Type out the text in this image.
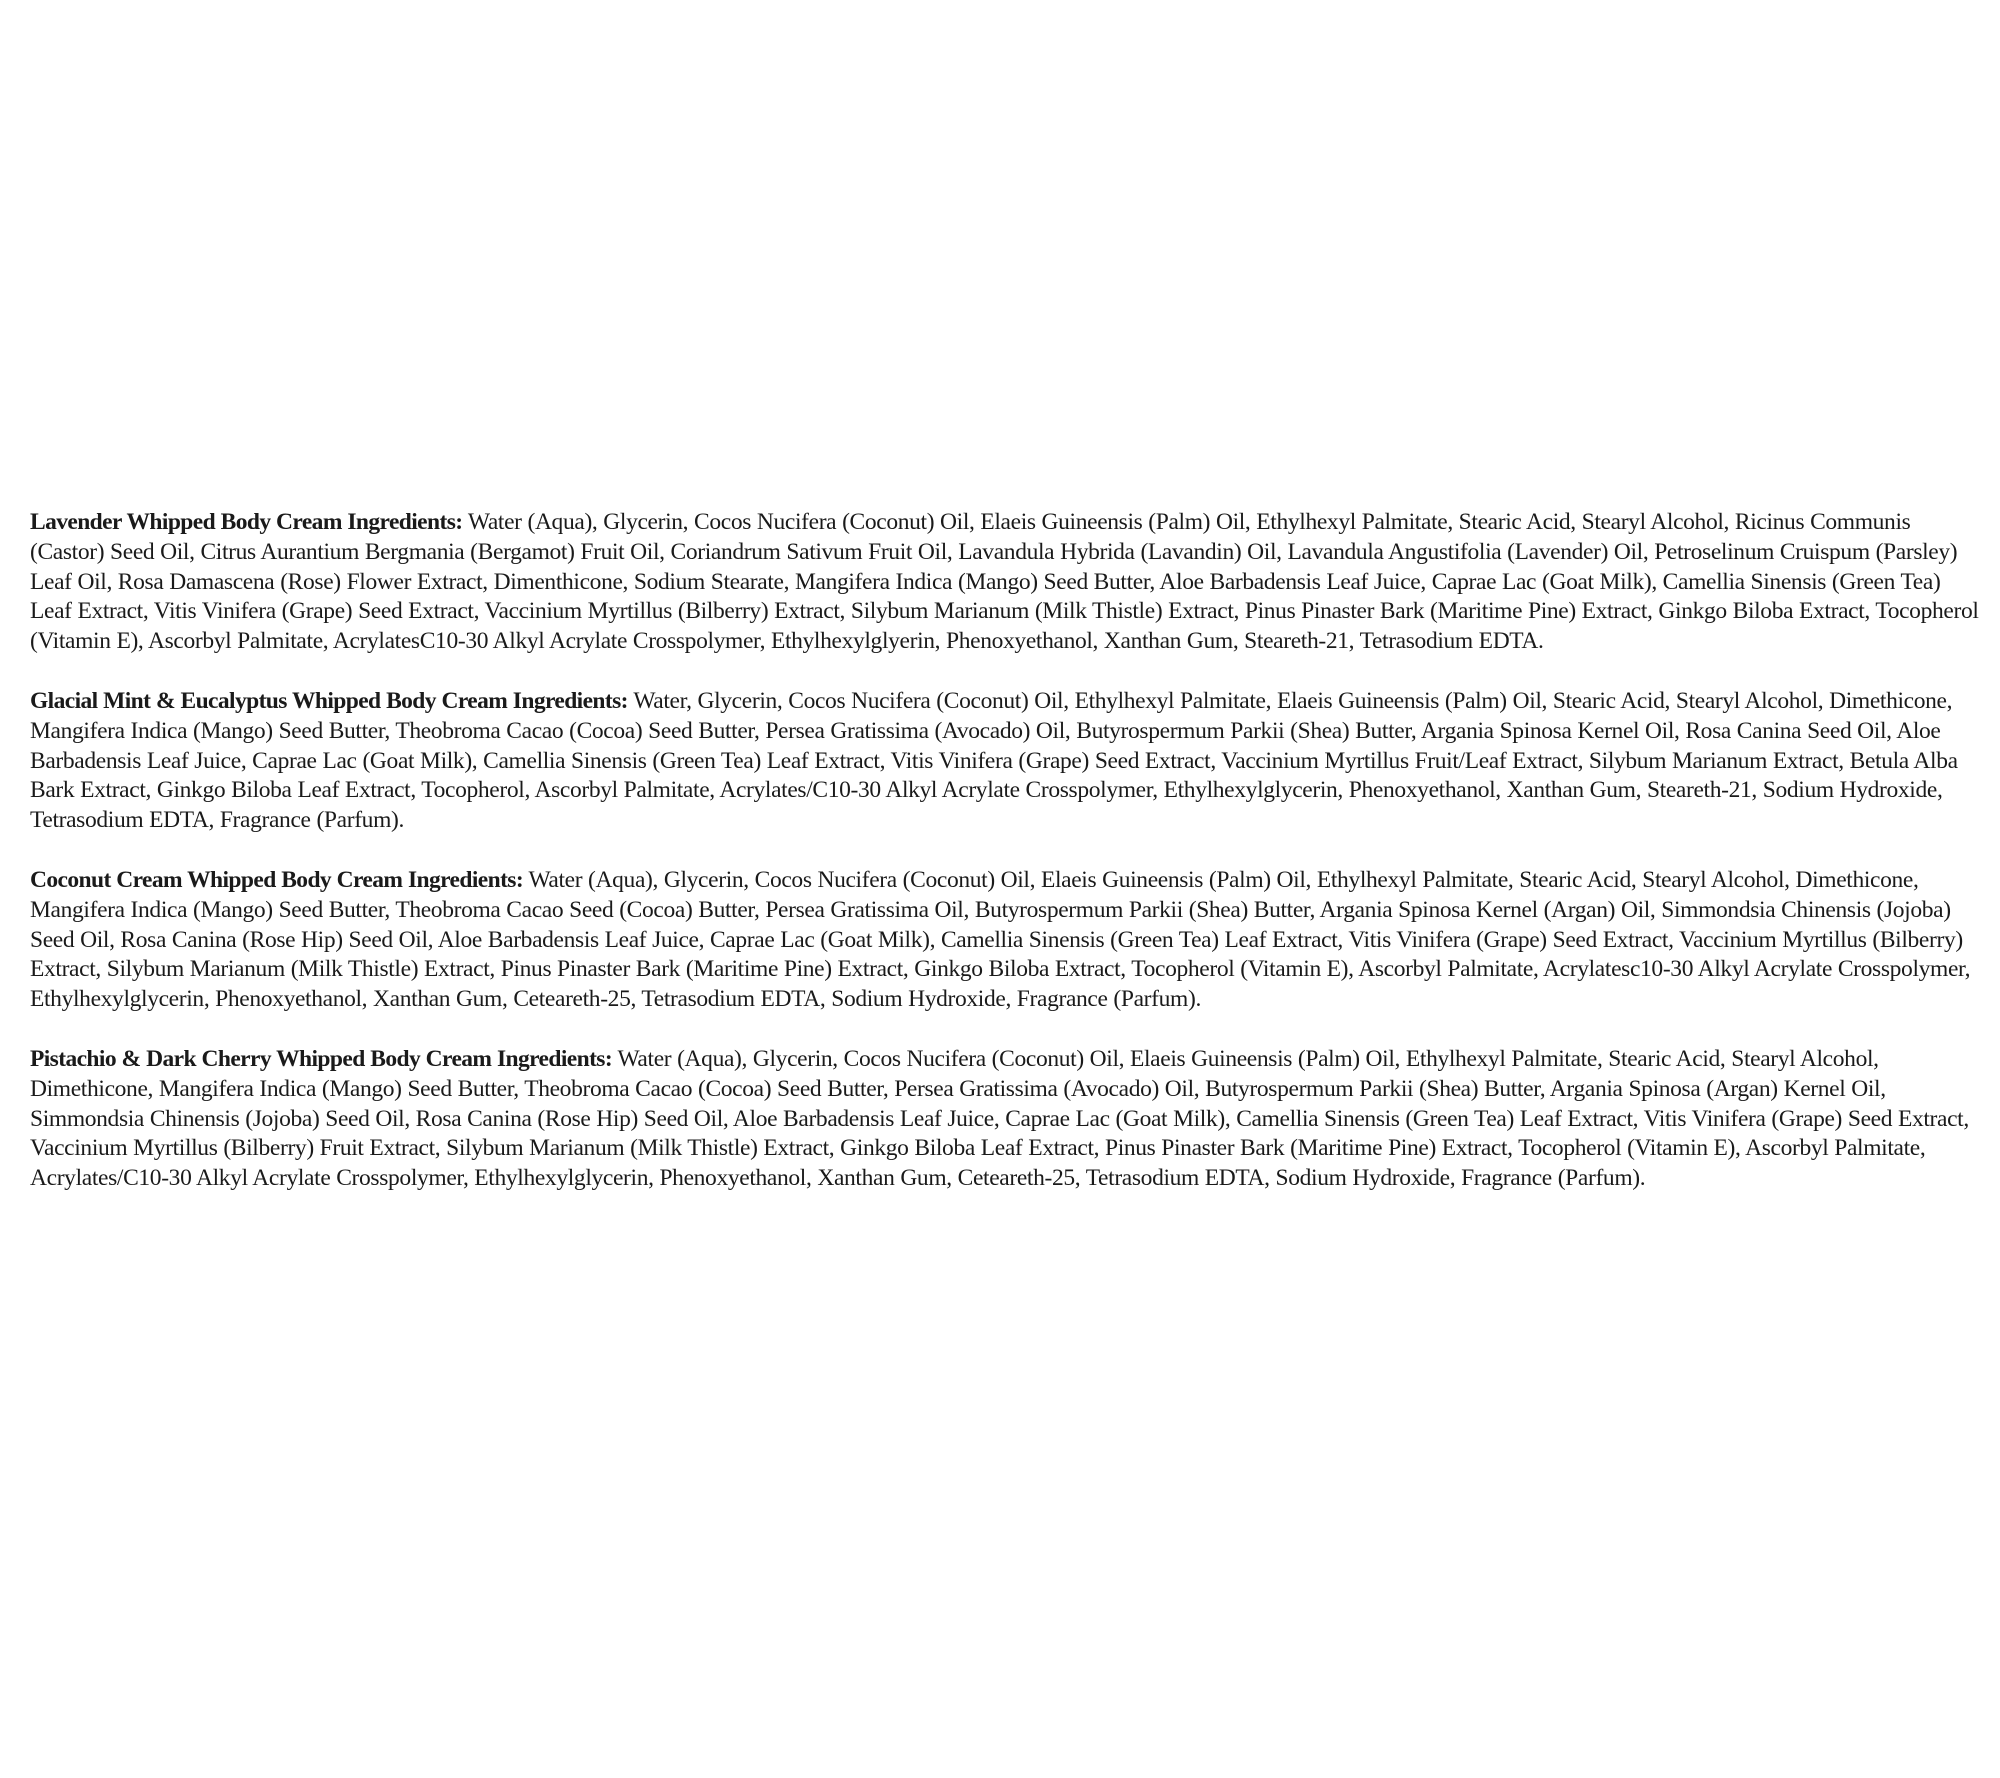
Lavender Whipped Body Cream Ingredients: Water (Aqua), Glycerin, Cocos Nucifera (Coconut) Oil, Elaeis Guineensis (Palm) Oil, Ethylhexyl Palmitate, Stearic Acid, Stearyl Alcohol, Ricinus Communis (Castor) Seed Oil, Citrus Aurantium Bergmania (Bergamot) Fruit Oil, Coriandrum Sativum Fruit Oil, Lavandula Hybrida (Lavandin) Oil, Lavandula Angustifolia (Lavender) Oil, Petroselinum Cruispum (Parsley) Leaf Oil, Rosa Damascena (Rose) Flower Extract, Dimenthicone, Sodium Stearate, Mangifera Indica (Mango) Seed Butter, Aloe Barbadensis Leaf Juice, Caprae Lac (Goat Milk), Camellia Sinensis (Green Tea) Leaf Extract, Vitis Vinifera (Grape) Seed Extract, Vaccinium Myrtillus (Bilberry) Extract, Silybum Marianum (Milk Thistle) Extract, Pinus Pinaster Bark (Maritime Pine) Extract, Ginkgo Biloba Extract, Tocopherol (Vitamin E), Ascorbyl Palmitate, AcrylatesC10-30 Alkyl Acrylate Crosspolymer, Ethylhexylglyerin, Phenoxyethanol, Xanthan Gum, Steareth-21, Tetrasodium EDTA.

Glacial Mint & Eucalyptus Whipped Body Cream Ingredients: Water, Glycerin, Cocos Nucifera (Coconut) Oil, Ethylhexyl Palmitate, Elaeis Guineensis (Palm) Oil, Stearic Acid, Stearyl Alcohol, Dimethicone, Mangifera Indica (Mango) Seed Butter, Theobroma Cacao (Cocoa) Seed Butter, Persea Gratissima (Avocado) Oil, Butyrospermum Parkii (Shea) Butter, Argania Spinosa Kernel Oil, Rosa Canina Seed Oil, Aloe Barbadensis Leaf Juice, Caprae Lac (Goat Milk), Camellia Sinensis (Green Tea) Leaf Extract, Vitis Vinifera (Grape) Seed Extract, Vaccinium Myrtillus Fruit/Leaf Extract, Silybum Marianum Extract, Betula Alba Bark Extract, Ginkgo Biloba Leaf Extract, Tocopherol, Ascorbyl Palmitate, Acrylates/C10-30 Alkyl Acrylate Crosspolymer, Ethylhexylglycerin, Phenoxyethanol, Xanthan Gum, Steareth-21, Sodium Hydroxide, Tetrasodium EDTA, Fragrance (Parfum).

Coconut Cream Whipped Body Cream Ingredients: Water (Aqua), Glycerin, Cocos Nucifera (Coconut) Oil, Elaeis Guineensis (Palm) Oil, Ethylhexyl Palmitate, Stearic Acid, Stearyl Alcohol, Dimethicone, Mangifera Indica (Mango) Seed Butter, Theobroma Cacao Seed (Cocoa) Butter, Persea Gratissima Oil, Butyrospermum Parkii (Shea) Butter, Argania Spinosa Kernel (Argan) Oil, Simmondsia Chinensis (Jojoba) Seed Oil, Rosa Canina (Rose Hip) Seed Oil, Aloe Barbadensis Leaf Juice, Caprae Lac (Goat Milk), Camellia Sinensis (Green Tea) Leaf Extract, Vitis Vinifera (Grape) Seed Extract, Vaccinium Myrtillus (Bilberry) Extract, Silybum Marianum (Milk Thistle) Extract, Pinus Pinaster Bark (Maritime Pine) Extract, Ginkgo Biloba Extract, Tocopherol (Vitamin E), Ascorbyl Palmitate, Acrylatesc10-30 Alkyl Acrylate Crosspolymer, Ethylhexylglycerin, Phenoxyethanol, Xanthan Gum, Ceteareth-25, Tetrasodium EDTA, Sodium Hydroxide, Fragrance (Parfum).

Pistachio & Dark Cherry Whipped Body Cream Ingredients: Water (Aqua), Glycerin, Cocos Nucifera (Coconut) Oil, Elaeis Guineensis (Palm) Oil, Ethylhexyl Palmitate, Stearic Acid, Stearyl Alcohol, Dimethicone, Mangifera Indica (Mango) Seed Butter, Theobroma Cacao (Cocoa) Seed Butter, Persea Gratissima (Avocado) Oil, Butyrospermum Parkii (Shea) Butter, Argania Spinosa (Argan) Kernel Oil, Simmondsia Chinensis (Jojoba) Seed Oil, Rosa Canina (Rose Hip) Seed Oil, Aloe Barbadensis Leaf Juice, Caprae Lac (Goat Milk), Camellia Sinensis (Green Tea) Leaf Extract, Vitis Vinifera (Grape) Seed Extract, Vaccinium Myrtillus (Bilberry) Fruit Extract, Silybum Marianum (Milk Thistle) Extract, Ginkgo Biloba Leaf Extract, Pinus Pinaster Bark (Maritime Pine) Extract, Tocopherol (Vitamin E), Ascorbyl Palmitate, Acrylates/C10-30 Alkyl Acrylate Crosspolymer, Ethylhexylglycerin, Phenoxyethanol, Xanthan Gum, Ceteareth-25, Tetrasodium EDTA, Sodium Hydroxide, Fragrance (Parfum).
